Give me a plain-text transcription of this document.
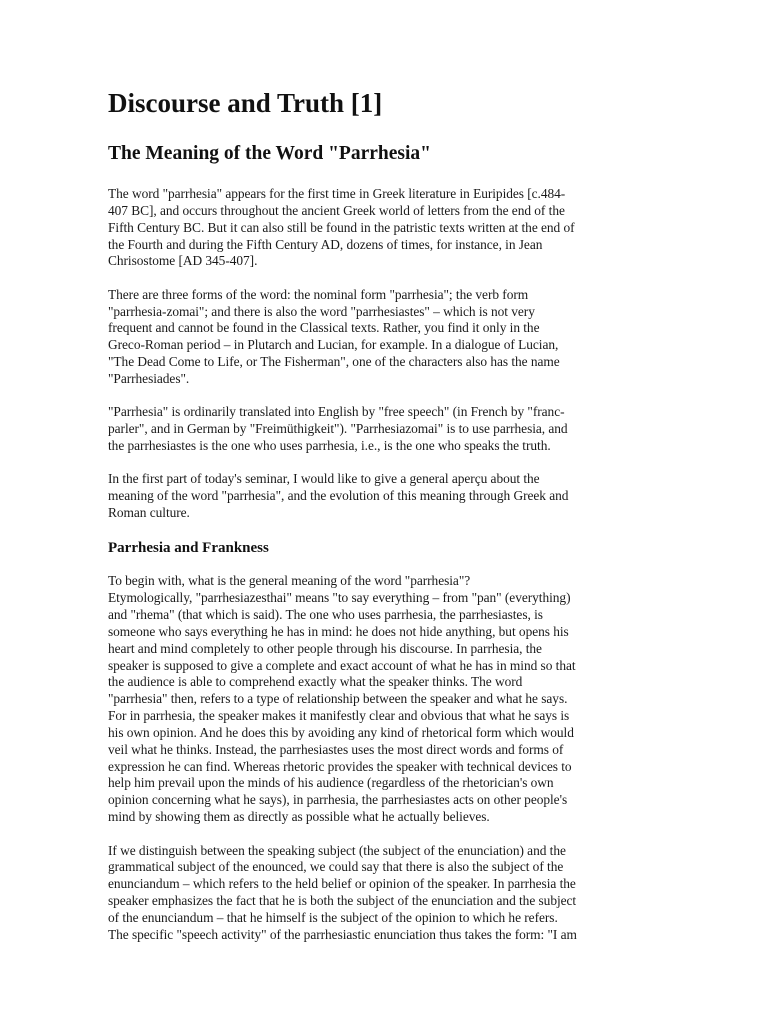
Discourse and Truth [1]
The Meaning of the Word "Parrhesia"

The word "parrhesia" appears for the first time in Greek literature in Euripides [c.484-
407 BC], and occurs throughout the ancient Greek world of letters from the end of the
Fifth Century BC. But it can also still be found in the patristic texts written at the end of
the Fourth and during the Fifth Century AD, dozens of times, for instance, in Jean
Chrisostome [AD 345-407].

There are three forms of the word: the nominal form "parrhesia"; the verb form
"parrhesia-zomai"; and there is also the word "parrhesiastes" – which is not very
frequent and cannot be found in the Classical texts. Rather, you find it only in the
Greco-Roman period – in Plutarch and Lucian, for example. In a dialogue of Lucian,
"The Dead Come to Life, or The Fisherman", one of the characters also has the name
"Parrhesiades".

"Parrhesia" is ordinarily translated into English by "free speech" (in French by "franc-
parler", and in German by "Freimüthigkeit"). "Parrhesiazomai" is to use parrhesia, and
the parrhesiastes is the one who uses parrhesia, i.e., is the one who speaks the truth.

In the first part of today's seminar, I would like to give a general aperçu about the
meaning of the word "parrhesia", and the evolution of this meaning through Greek and
Roman culture.

Parrhesia and Frankness

To begin with, what is the general meaning of the word "parrhesia"?
Etymologically, "parrhesiazesthai" means "to say everything – from "pan" (everything)
and "rhema" (that which is said). The one who uses parrhesia, the parrhesiastes, is
someone who says everything he has in mind: he does not hide anything, but opens his
heart and mind completely to other people through his discourse. In parrhesia, the
speaker is supposed to give a complete and exact account of what he has in mind so that
the audience is able to comprehend exactly what the speaker thinks. The word
"parrhesia" then, refers to a type of relationship between the speaker and what he says.
For in parrhesia, the speaker makes it manifestly clear and obvious that what he says is
his own opinion. And he does this by avoiding any kind of rhetorical form which would
veil what he thinks. Instead, the parrhesiastes uses the most direct words and forms of
expression he can find. Whereas rhetoric provides the speaker with technical devices to
help him prevail upon the minds of his audience (regardless of the rhetorician's own
opinion concerning what he says), in parrhesia, the parrhesiastes acts on other people's
mind by showing them as directly as possible what he actually believes.

If we distinguish between the speaking subject (the subject of the enunciation) and the
grammatical subject of the enounced, we could say that there is also the subject of the
enunciandum – which refers to the held belief or opinion of the speaker. In parrhesia the
speaker emphasizes the fact that he is both the subject of the enunciation and the subject
of the enunciandum – that he himself is the subject of the opinion to which he refers.
The specific "speech activity" of the parrhesiastic enunciation thus takes the form: "I am
